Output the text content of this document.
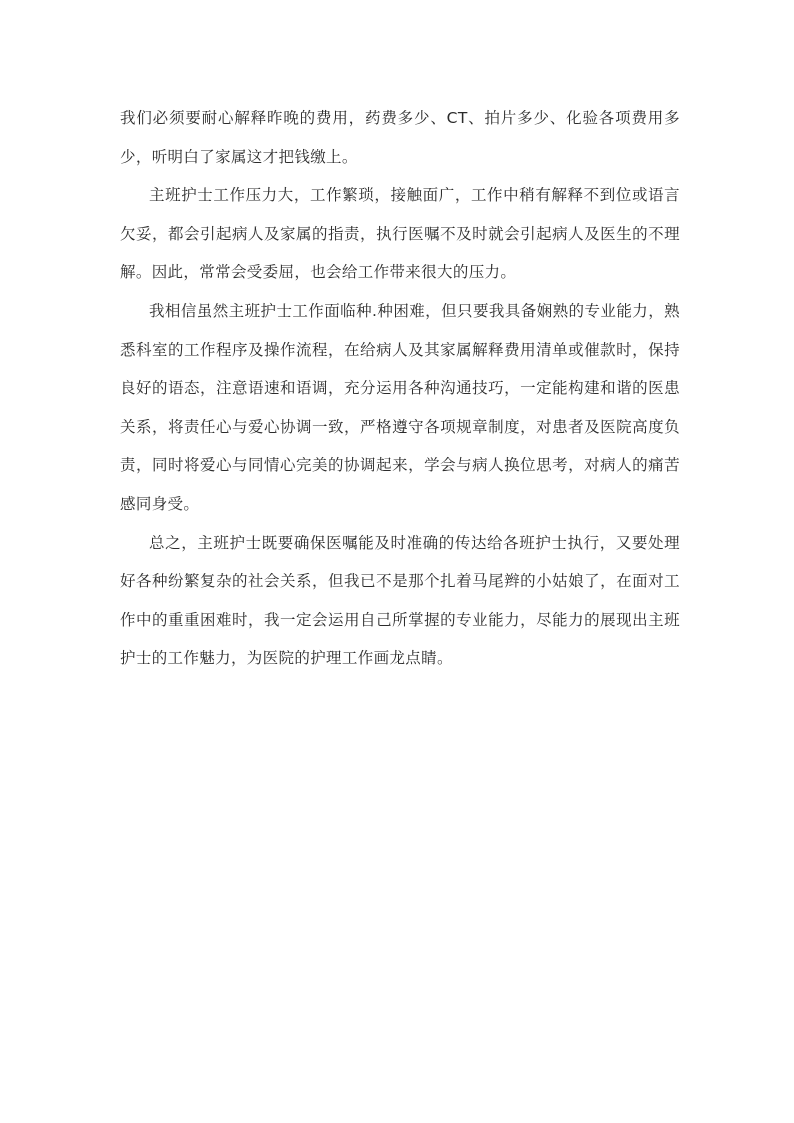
我们必须要耐心解释昨晚的费用，药费多少、CT、拍片多少、化验各项费用多少，听明白了家属这才把钱缴上。

主班护士工作压力大，工作繁琐，接触面广，工作中稍有解释不到位或语言欠妥，都会引起病人及家属的指责，执行医嘱不及时就会引起病人及医生的不理解。因此，常常会受委屈，也会给工作带来很大的压力。

我相信虽然主班护士工作面临种.种困难，但只要我具备娴熟的专业能力，熟悉科室的工作程序及操作流程，在给病人及其家属解释费用清单或催款时，保持良好的语态，注意语速和语调，充分运用各种沟通技巧，一定能构建和谐的医患关系，将责任心与爱心协调一致，严格遵守各项规章制度，对患者及医院高度负责，同时将爱心与同情心完美的协调起来，学会与病人换位思考，对病人的痛苦感同身受。

总之，主班护士既要确保医嘱能及时准确的传达给各班护士执行，又要处理好各种纷繁复杂的社会关系，但我已不是那个扎着马尾辫的小姑娘了，在面对工作中的重重困难时，我一定会运用自己所掌握的专业能力，尽能力的展现出主班护士的工作魅力，为医院的护理工作画龙点睛。
